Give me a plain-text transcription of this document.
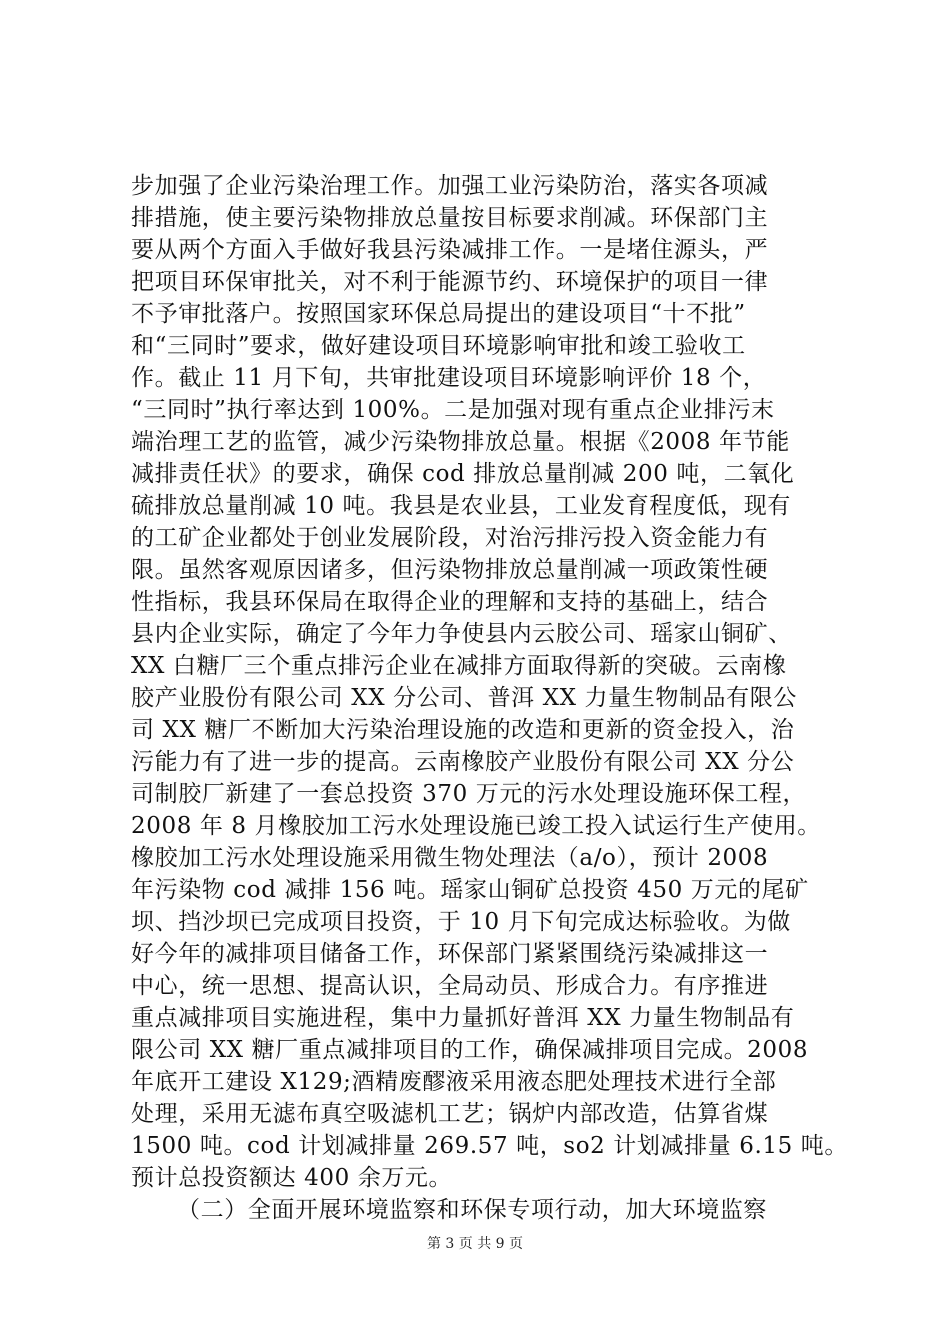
步加强了企业污染治理工作。加强工业污染防治，落实各项减
排措施，使主要污染物排放总量按目标要求削减。环保部门主
要从两个方面入手做好我县污染减排工作。一是堵住源头，严
把项目环保审批关，对不利于能源节约、环境保护的项目一律
不予审批落户。按照国家环保总局提出的建设项目“十不批”
和“三同时”要求，做好建设项目环境影响审批和竣工验收工
作。截止 11 月下旬，共审批建设项目环境影响评价 18 个，
“三同时”执行率达到 100%。二是加强对现有重点企业排污末
端治理工艺的监管，减少污染物排放总量。根据《2008 年节能
减排责任状》的要求，确保 cod 排放总量削减 200 吨，二氧化
硫排放总量削减 10 吨。我县是农业县，工业发育程度低，现有
的工矿企业都处于创业发展阶段，对治污排污投入资金能力有
限。虽然客观原因诸多，但污染物排放总量削减一项政策性硬
性指标，我县环保局在取得企业的理解和支持的基础上，结合
县内企业实际，确定了今年力争使县内云胶公司、瑶家山铜矿、
XX 白糖厂三个重点排污企业在减排方面取得新的突破。云南橡
胶产业股份有限公司 XX 分公司、普洱 XX 力量生物制品有限公
司 XX 糖厂不断加大污染治理设施的改造和更新的资金投入，治
污能力有了进一步的提高。云南橡胶产业股份有限公司 XX 分公
司制胶厂新建了一套总投资 370 万元的污水处理设施环保工程，
2008 年 8 月橡胶加工污水处理设施已竣工投入试运行生产使用。
橡胶加工污水处理设施采用微生物处理法（a/o），预计 2008
年污染物 cod 减排 156 吨。瑶家山铜矿总投资 450 万元的尾矿
坝、挡沙坝已完成项目投资，于 10 月下旬完成达标验收。为做
好今年的减排项目储备工作，环保部门紧紧围绕污染减排这一
中心，统一思想、提高认识，全局动员、形成合力。有序推进
重点减排项目实施进程，集中力量抓好普洱 XX 力量生物制品有
限公司 XX 糖厂重点减排项目的工作，确保减排项目完成。2008
年底开工建设 X129;酒精废醪液采用液态肥处理技术进行全部
处理，采用无滤布真空吸滤机工艺；锅炉内部改造，估算省煤
1500 吨。cod 计划减排量 269.57 吨，so2 计划减排量 6.15 吨。
预计总投资额达 400 余万元。
（二）全面开展环境监察和环保专项行动，加大环境监察
第 3 页 共 9 页
